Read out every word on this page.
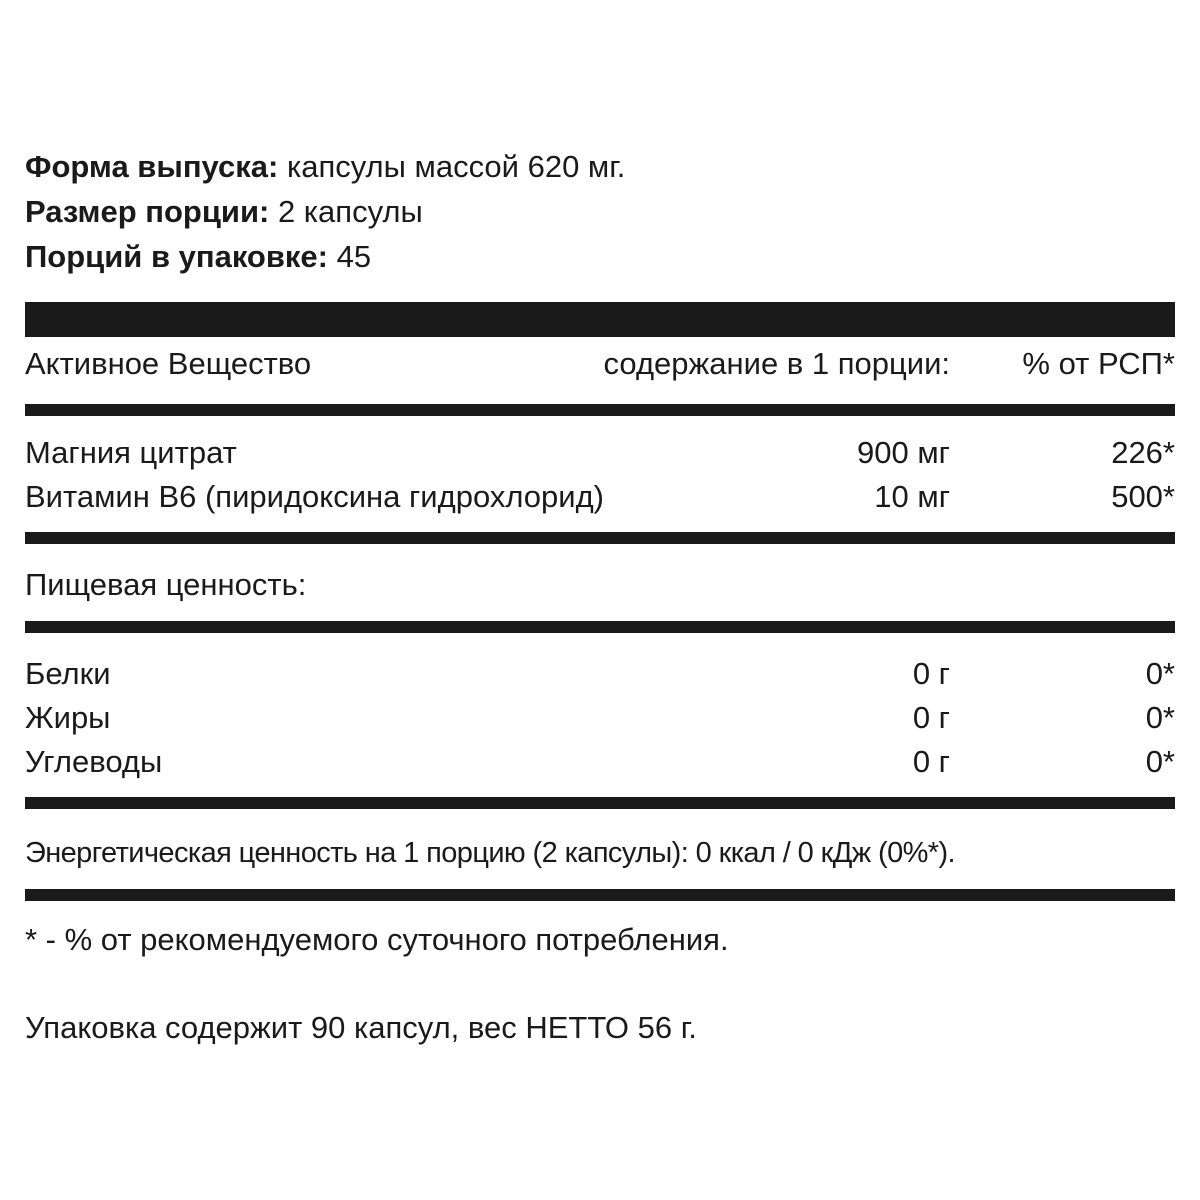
Форма выпуска: капсулы массой 620 мг.
Размер порции: 2 капсулы
Порций в упаковке: 45
Активное Вещество	содержание в 1 порции: % от РСП*
Магния цитрат	900 мг	226*
Витамин В6 (пиридоксина гидрохлорид)	10 мг	500*
Пищевая ценность:
Белки	0 г	0*
Жиры	0 г	0*
Углеводы	0 г	0*
Энергетическая ценность на 1 порцию (2 капсулы): 0 ккал / 0 кДж (0%*).
* - % от рекомендуемого суточного потребления.
Упаковка содержит 90 капсул, вес НЕТТО 56 г.
